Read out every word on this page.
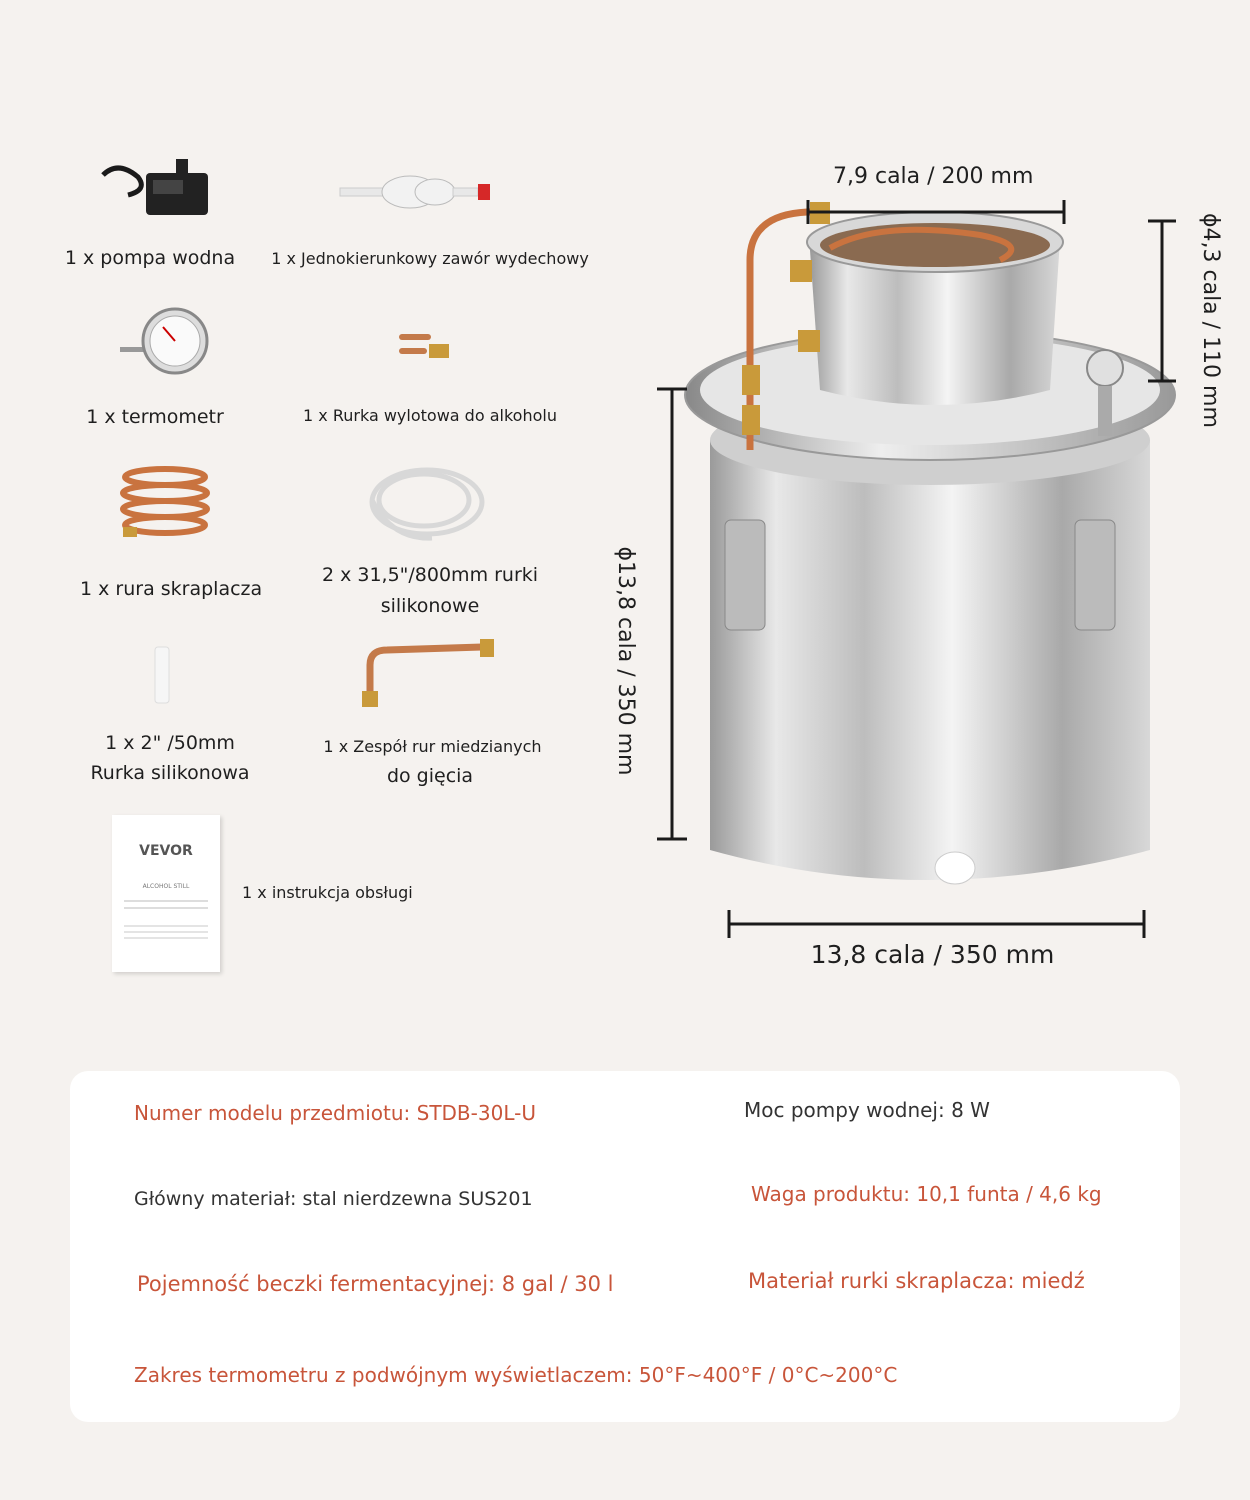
1 x pompa wodna	1 x Jednokierunkowy zawór wydechowy
1 x termometr	1 x Rurka wylotowa do alkoholu
1 x rura skraplacza
2 x 31,5"/800mm rurki
silikonowe
1 x 2" /50mm
Rurka silikonowa
1 x Zespół rur miedzianych
do gięcia
VEVOR
ALCOHOL STILL	1 x instrukcja obsługi
7,9 cala / 200 mm
ɸ4,3 cala / 110 mm
ɸ13,8 cala / 350 mm
13,8 cala / 350 mm
Numer modelu przedmiotu: STDB-30L-U	Moc pompy wodnej: 8 W
Główny materiał: stal nierdzewna SUS201	Waga produktu: 10,1 funta / 4,6 kg
Pojemność beczki fermentacyjnej: 8 gal / 30 l	Materiał rurki skraplacza: miedź
Zakres termometru z podwójnym wyświetlaczem: 50°F~400°F / 0°C~200°C
